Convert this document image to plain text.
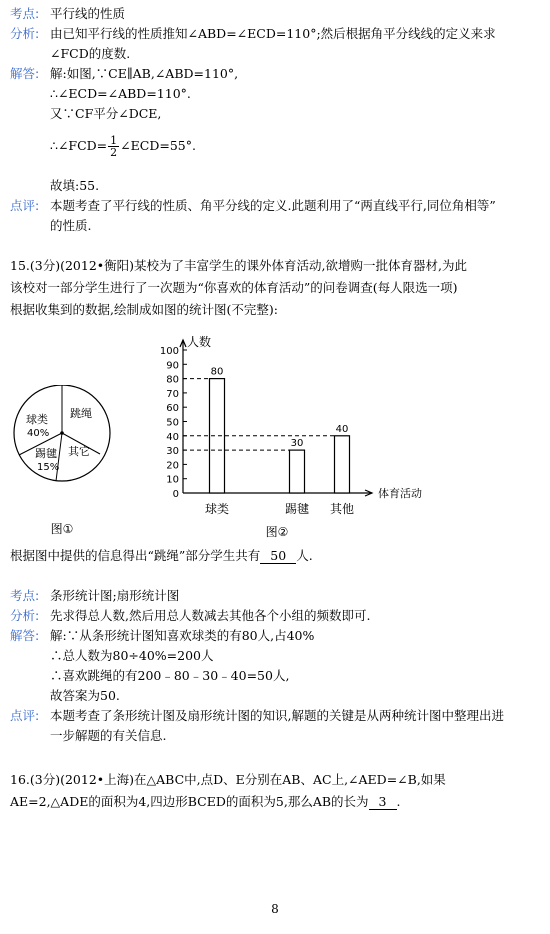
考点: 平行线的性质
分析: 由已知平行线的性质推知∠ABD=∠ECD=110°;然后根据角平分线线的定义来求
∠FCD的度数.
解答: 解:如图,∵CE∥AB,∠ABD=110°,
∴∠ECD=∠ABD=110°.
又∵CF平分∠DCE,
∴∠FCD= $\frac{1}{2}$ ∠ECD=55°.
故填:55.
点评: 本题考查了平行线的性质、角平分线的定义.此题利用了“两直线平行,同位角相等”
的性质.
15.(3分)(2012•衡阳)某校为了丰富学生的课外体育活动,欲增购一批体育器材,为此
该校对一部分学生进行了一次题为“你喜欢的体育活动”的问卷调查(每人限选一项)
根据收集到的数据,绘制成如图的统计图(不完整):
跳绳
球类
40%
其它
踢毽
15%
图①
0
10
20
30
40
50
60
70
80
90
100
人数
体育活动
80
球类
30
踢毽
40
其他
图②
根据图中提供的信息得出“跳绳”部分学生共有 50 人.
考点: 条形统计图;扇形统计图
分析: 先求得总人数,然后用总人数减去其他各个小组的频数即可.
解答: 解:∵从条形统计图知喜欢球类的有80人,占40%
∴总人数为80÷40%=200人
∴喜欢跳绳的有200﹣80﹣30﹣40=50人,
故答案为50.
点评: 本题考查了条形统计图及扇形统计图的知识,解题的关键是从两种统计图中整理出进
一步解题的有关信息.
16.(3分)(2012•上海)在△ABC中,点D、E分别在AB、AC上,∠AED=∠B,如果
AE=2,△ADE的面积为4,四边形BCED的面积为5,那么AB的长为 3 .
8
